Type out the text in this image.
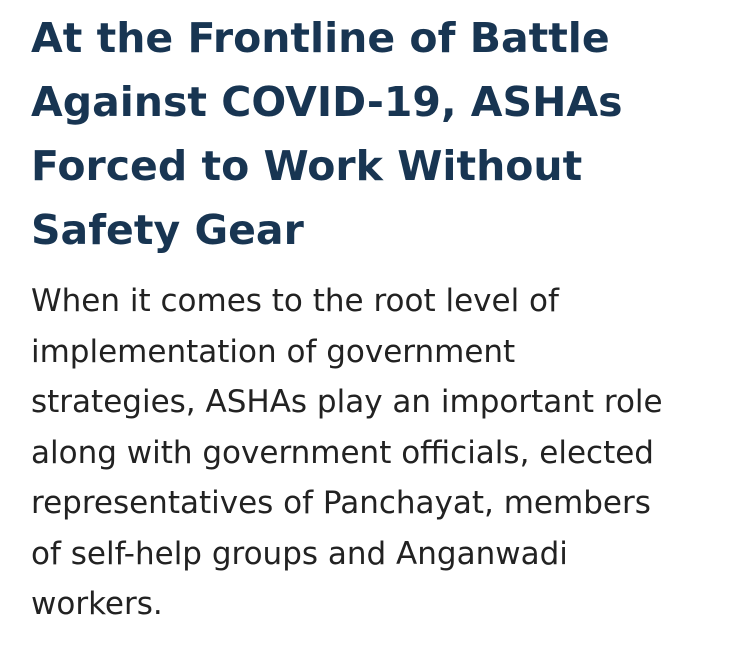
At the Frontline of Battle
Against COVID-19, ASHAs
Forced to Work Without
Safety Gear

When it comes to the root level of
implementation of government
strategies, ASHAs play an important role
along with government officials, elected
representatives of Panchayat, members
of self-help groups and Anganwadi
workers.
